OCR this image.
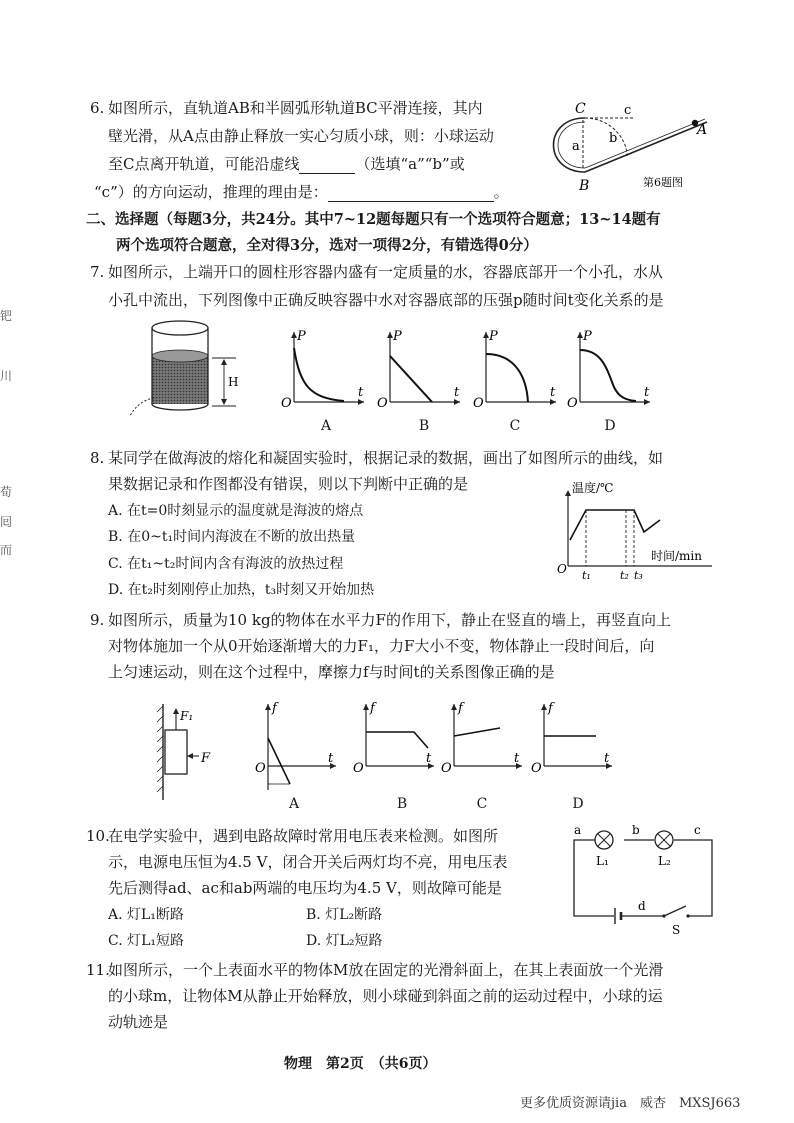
钯
川
荀
囘
而
6. 如图所示，直轨道AB和半圆弧形轨道BC平滑连接，其内
壁光滑，从A点由静止释放一实心匀质小球，则：小球运动
至C点离开轨道，可能沿虚线	（选填“a”“b”或
“c”）的方向运动，推理的理由是：	。
C
B
A
a
b
c
第6题图
二、选择题（每题3分，共24分。其中7~12题每题只有一个选项符合题意；13~14题有
两个选项符合题意，全对得3分，选对一项得2分，有错选得0分）
7. 如图所示，上端开口的圆柱形容器内盛有一定质量的水，容器底部开一个小孔，水从
小孔中流出，下列图像中正确反映容器中水对容器底部的压强p随时间t变化关系的是
H
P
t
O
P
t
O
P
t
O
P
t
O
A	B	C	D
8. 某同学在做海波的熔化和凝固实验时，根据记录的数据，画出了如图所示的曲线，如
果数据记录和作图都没有错误，则以下判断中正确的是
A. 在t=0时刻显示的温度就是海波的熔点
B. 在0~t₁时间内海波在不断的放出热量
C. 在t₁~t₂时间内含有海波的放热过程
D. 在t₂时刻刚停止加热，t₃时刻又开始加热
温度/℃
时间/min
O t₁	t₂ t₃
9. 如图所示，质量为10 kg的物体在水平力F的作用下，静止在竖直的墙上，再竖直向上
对物体施加一个从0开始逐渐增大的力F₁，力F大小不变，物体静止一段时间后，向
上匀速运动，则在这个过程中，摩擦力f与时间t的关系图像正确的是
F₁
F
f
t
O
f
t
O
f
t
O
f
t
O
A	B	C	D
10.
在电学实验中，遇到电路故障时常用电压表来检测。如图所
示，电源电压恒为4.5 V，闭合开关后两灯均不亮，用电压表
先后测得ad、ac和ab两端的电压均为4.5 V，则故障可能是
A. 灯L₁断路	B. 灯L₂断路
C. 灯L₁短路	D. 灯L₂短路
a	b	c
d
L₁	L₂
S
11.
如图所示，一个上表面水平的物体M放在固定的光滑斜面上，在其上表面放一个光滑
的小球m，让物体M从静止开始释放，则小球碰到斜面之前的运动过程中，小球的运
动轨迹是
物理　第2页　（共6页）
更多优质资源请jia　威杏　MXSJ663
